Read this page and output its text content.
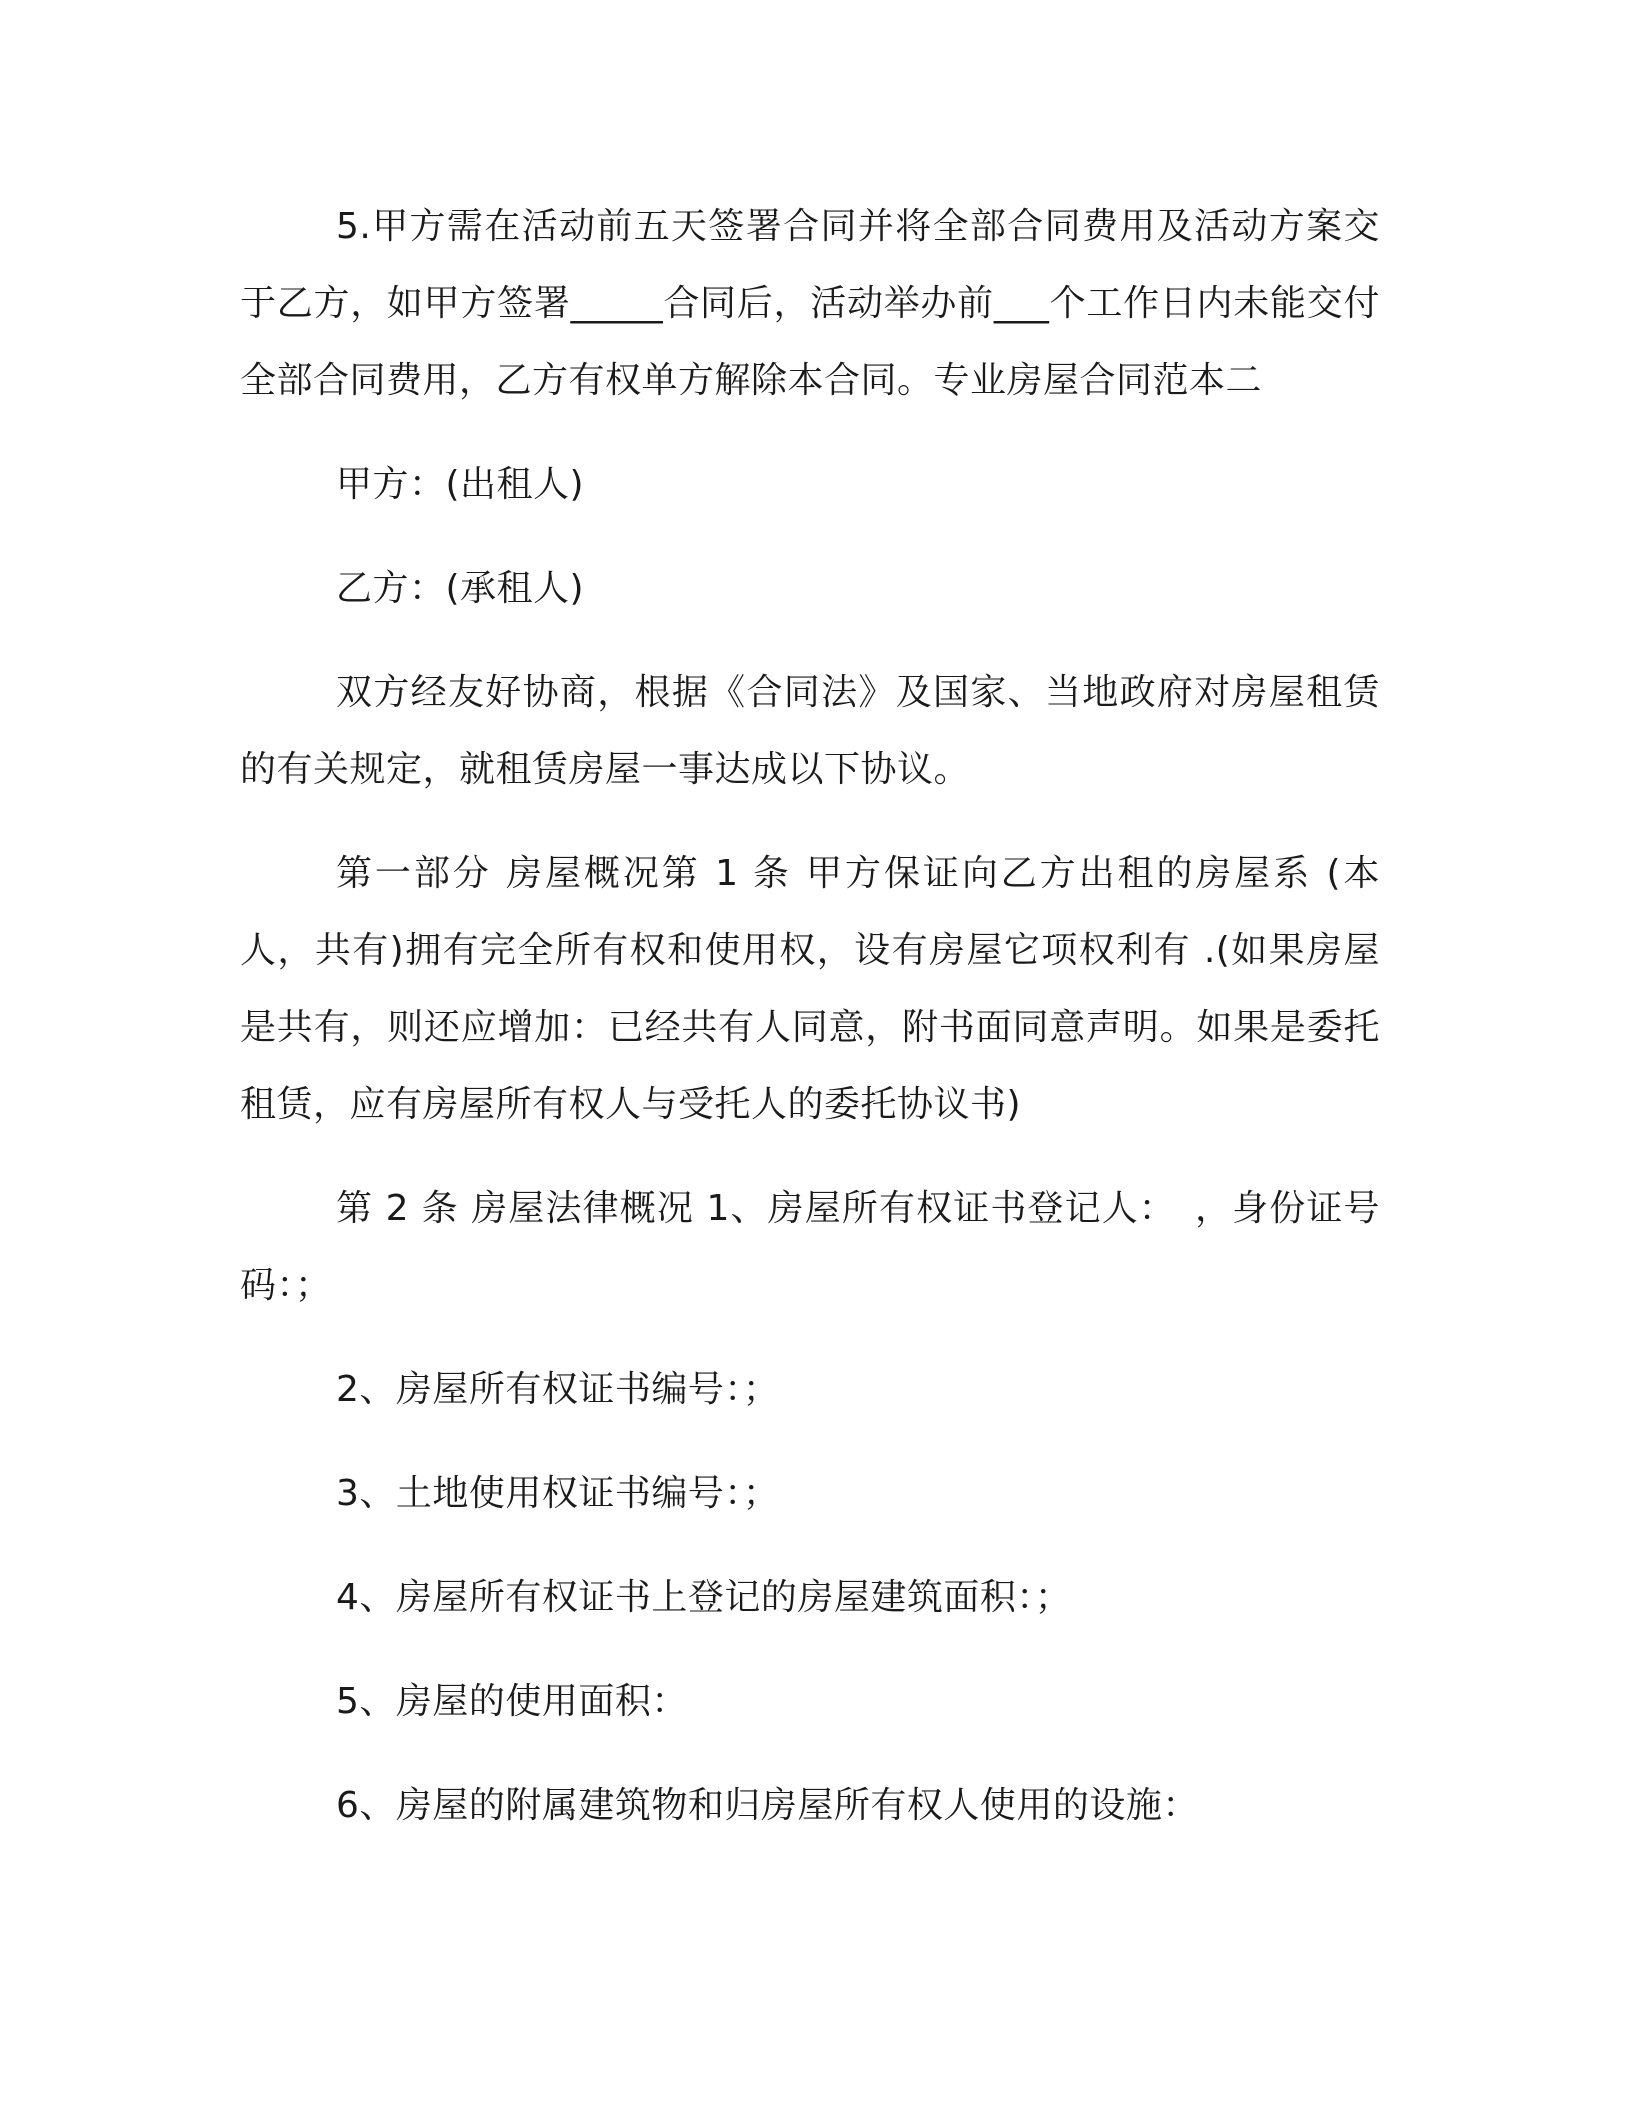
5.甲方需在活动前五天签署合同并将全部合同费用及活动方案交于乙方，如甲方签署_____合同后，活动举办前___个工作日内未能交付全部合同费用，乙方有权单方解除本合同。专业房屋合同范本二

甲方：(出租人)

乙方：(承租人)

双方经友好协商，根据《合同法》及国家、当地政府对房屋租赁的有关规定，就租赁房屋一事达成以下协议。

第一部分 房屋概况第 1 条 甲方保证向乙方出租的房屋系 (本人，共有)拥有完全所有权和使用权，设有房屋它项权利有 .(如果房屋是共有，则还应增加：已经共有人同意，附书面同意声明。如果是委托租赁，应有房屋所有权人与受托人的委托协议书)

第 2 条 房屋法律概况 1、房屋所有权证书登记人：　，身份证号码：；

2、房屋所有权证书编号：；

3、土地使用权证书编号：；

4、房屋所有权证书上登记的房屋建筑面积：；

5、房屋的使用面积：

6、房屋的附属建筑物和归房屋所有权人使用的设施：
